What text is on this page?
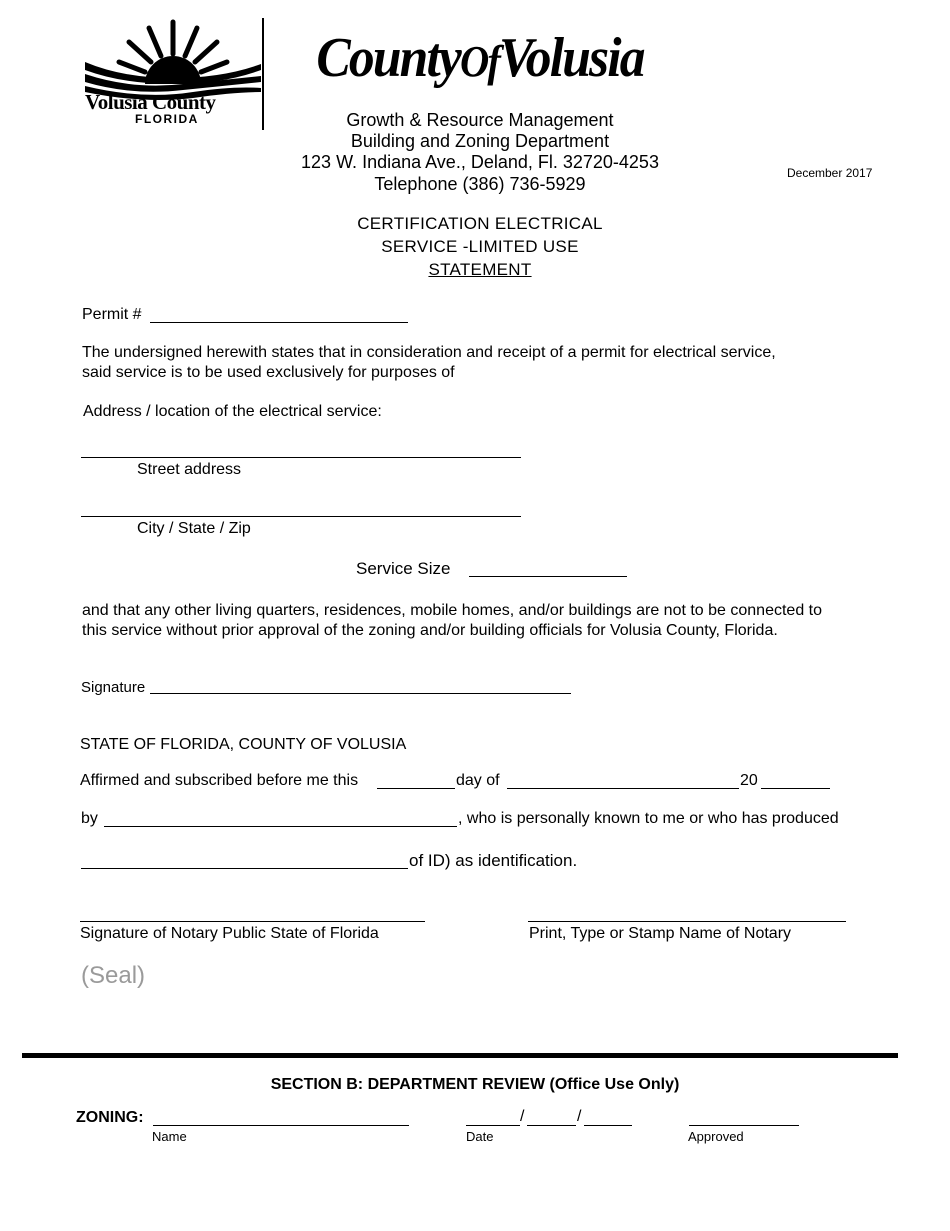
Volusia County
FLORIDA
CountyOfVolusia
Growth & Resource Management
Building and Zoning Department
123 W. Indiana Ave., Deland, Fl. 32720-4253
Telephone (386) 736-5929
December 2017
CERTIFICATION ELECTRICAL
SERVICE -LIMITED USE
STATEMENT
Permit #
The undersigned herewith states that in consideration and receipt of a permit for electrical service,
said service is to be used exclusively for purposes of
Address / location of the electrical service:
Street address
City / State / Zip
Service Size
and that any other living quarters, residences, mobile homes, and/or buildings are not to be connected to
this service without prior approval of the zoning and/or building officials for Volusia County, Florida.
Signature
STATE OF FLORIDA, COUNTY OF VOLUSIA
Affirmed and subscribed before me this	day of	20
by	, who is personally known to me or who has produced
of ID) as identification.
Signature of Notary Public State of Florida	Print, Type or Stamp Name of Notary
(Seal)
SECTION B: DEPARTMENT REVIEW (Office Use Only)
ZONING:
Name
/	/
Date	Approved
